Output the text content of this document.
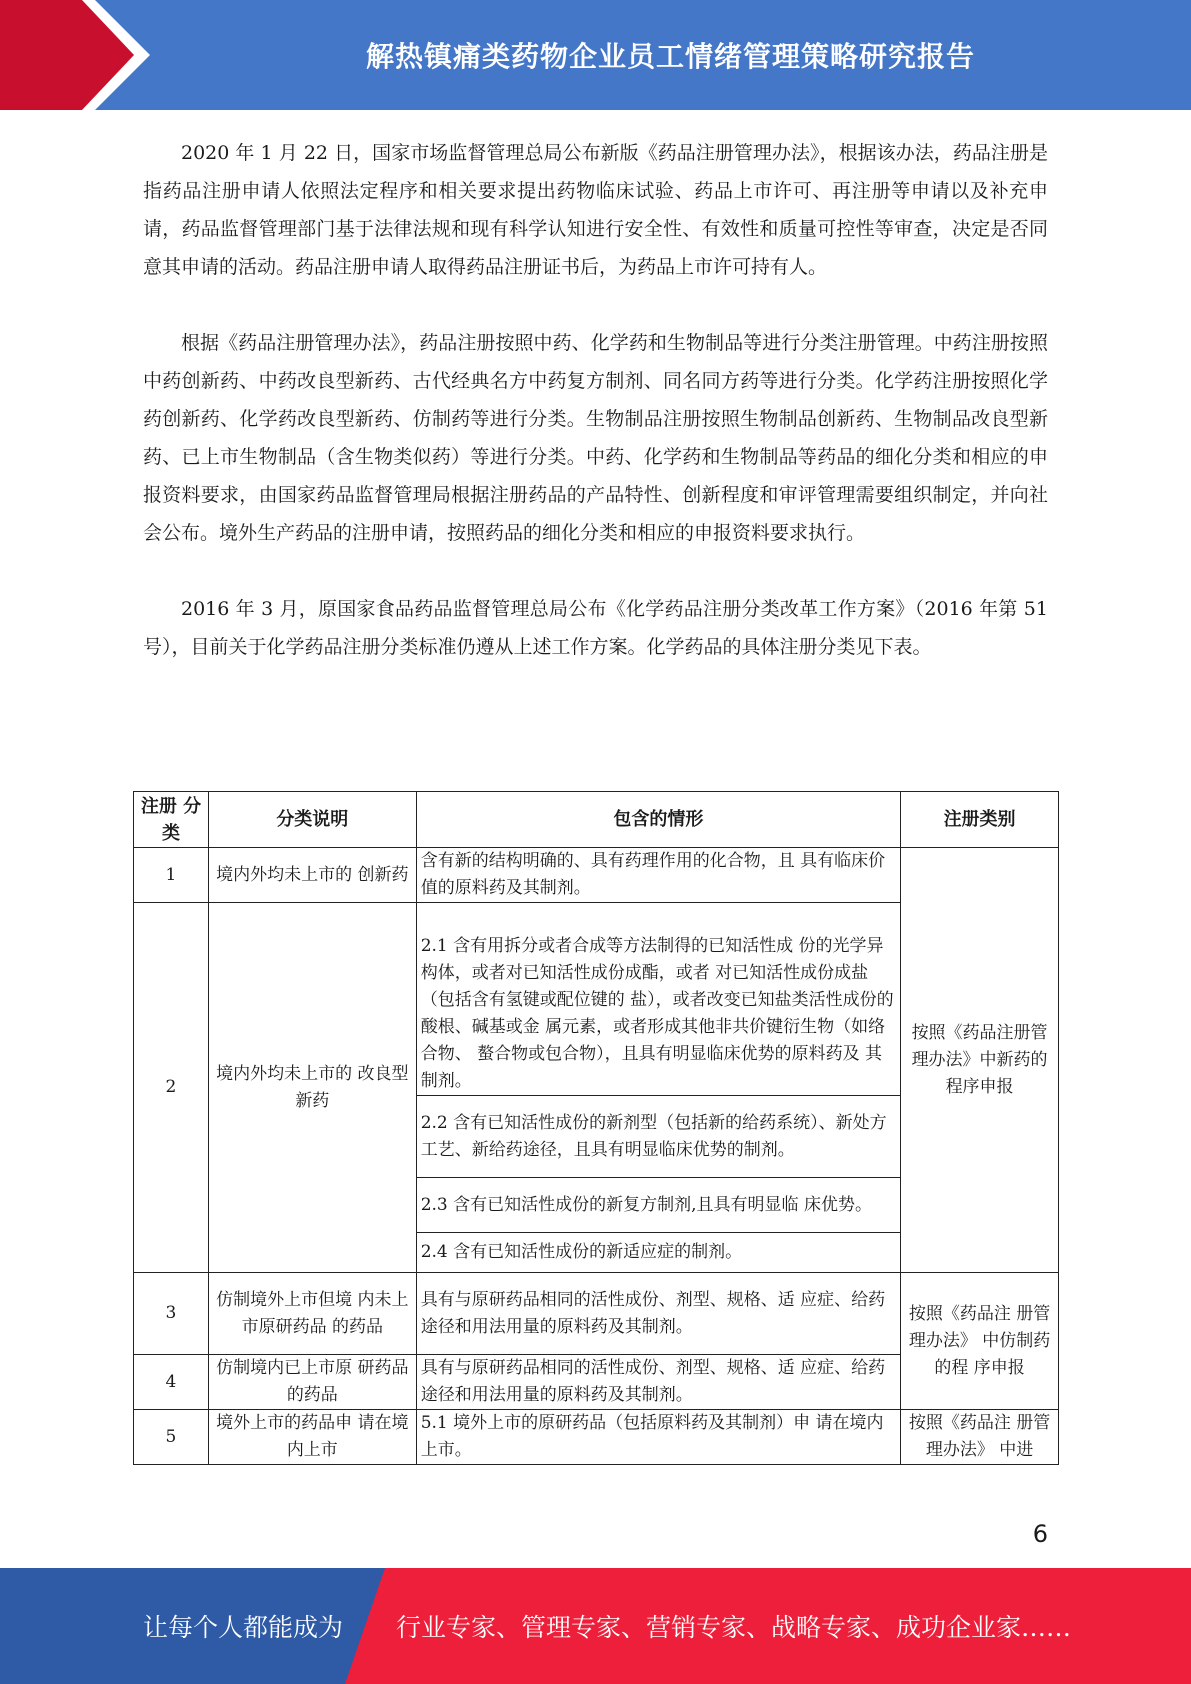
解热镇痛类药物企业员工情绪管理策略研究报告

2020 年 1 月 22 日，国家市场监督管理总局公布新版《药品注册管理办法》，根据该办法，药品注册是指药品注册申请人依照法定程序和相关要求提出药物临床试验、药品上市许可、再注册等申请以及补充申请，药品监督管理部门基于法律法规和现有科学认知进行安全性、有效性和质量可控性等审查，决定是否同意其申请的活动。药品注册申请人取得药品注册证书后，为药品上市许可持有人。

根据《药品注册管理办法》，药品注册按照中药、化学药和生物制品等进行分类注册管理。中药注册按照中药创新药、中药改良型新药、古代经典名方中药复方制剂、同名同方药等进行分类。化学药注册按照化学药创新药、化学药改良型新药、仿制药等进行分类。生物制品注册按照生物制品创新药、生物制品改良型新药、已上市生物制品（含生物类似药）等进行分类。中药、化学药和生物制品等药品的细化分类和相应的申报资料要求，由国家药品监督管理局根据注册药品的产品特性、创新程度和审评管理需要组织制定，并向社会公布。境外生产药品的注册申请，按照药品的细化分类和相应的申报资料要求执行。

2016 年 3 月，原国家食品药品监督管理总局公布《化学药品注册分类改革工作方案》（2016 年第 51 号），目前关于化学药品注册分类标准仍遵从上述工作方案。化学药品的具体注册分类见下表。

注册 分类	分类说明	包含的情形	注册类别
1	境内外均未上市的 创新药	含有新的结构明确的、具有药理作用的化合物，且 具有临床价值的原料药及其制剂。	按照《药品注册管理办法》中新药的程序申报
2	境内外均未上市的 改良型新药	2.1 含有用拆分或者合成等方法制得的已知活性成 份的光学异构体，或者对已知活性成份成酯，或者 对已知活性成份成盐（包括含有氢键或配位键的 盐），或者改变已知盐类活性成份的酸根、碱基或金 属元素，或者形成其他非共价键衍生物（如络合物、 螯合物或包合物），且具有明显临床优势的原料药及 其制剂。	
		2.2 含有已知活性成份的新剂型（包括新的给药系统）、新处方工艺、新给药途径，且具有明显临床优势的制剂。	
		2.3 含有已知活性成份的新复方制剂,且具有明显临 床优势。	
		2.4 含有已知活性成份的新适应症的制剂。	
3	仿制境外上市但境 内未上市原研药品 的药品	具有与原研药品相同的活性成份、剂型、规格、适 应症、给药途径和用法用量的原料药及其制剂。	按照《药品注 册管理办法》 中仿制药的程 序申报
4	仿制境内已上市原 研药品的药品	具有与原研药品相同的活性成份、剂型、规格、适 应症、给药途径和用法用量的原料药及其制剂。	
5	境外上市的药品申 请在境内上市	5.1 境外上市的原研药品（包括原料药及其制剂）申 请在境内上市。	按照《药品注 册管理办法》 中进
6
让每个人都能成为 行业专家、管理专家、营销专家、战略专家、成功企业家……
